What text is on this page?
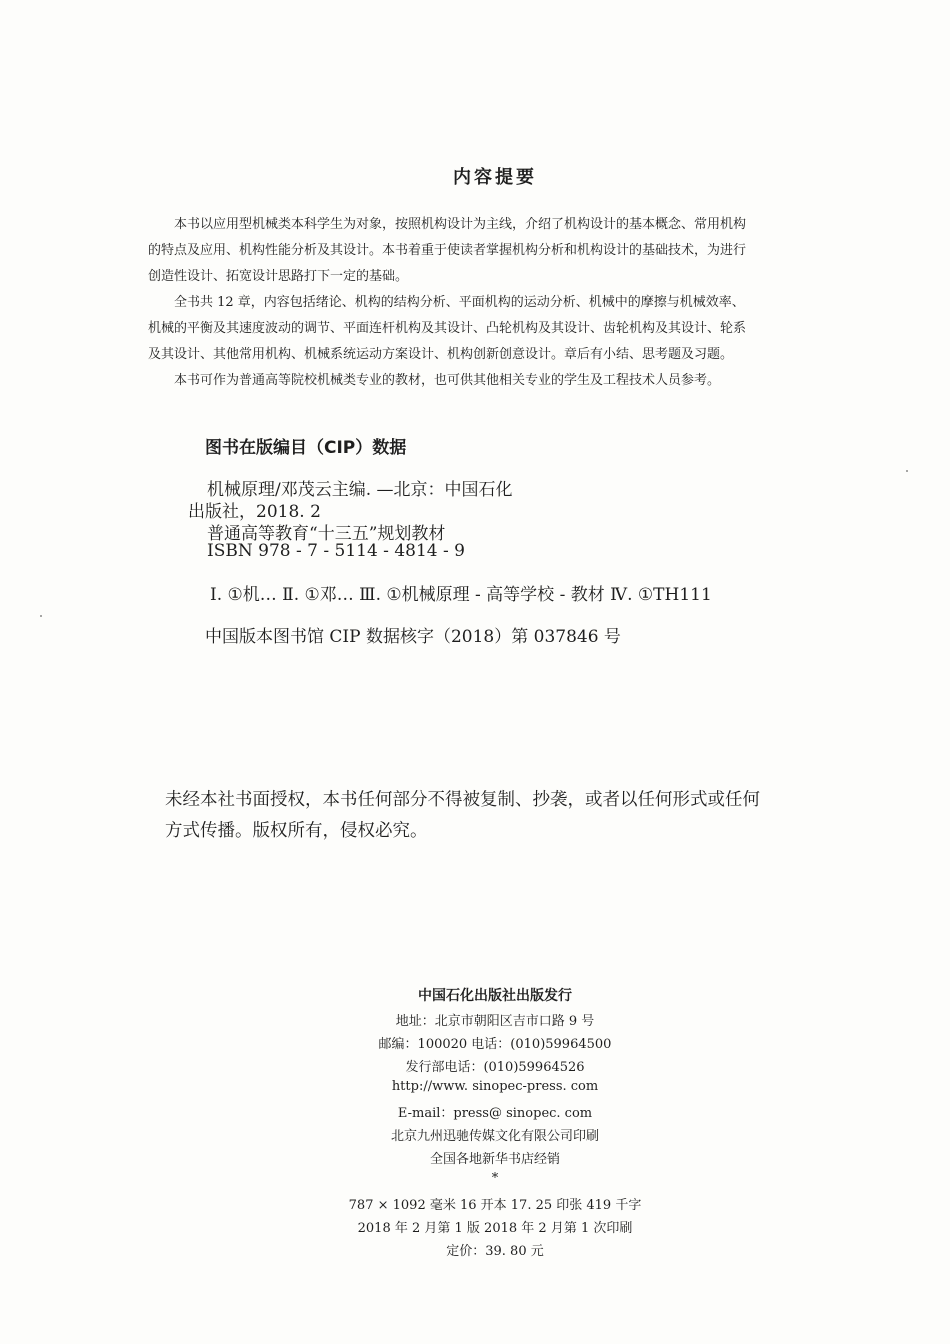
内容提要
本书以应用型机械类本科学生为对象，按照机构设计为主线，介绍了机构设计的基本概念、常用机构
的特点及应用、机构性能分析及其设计。本书着重于使读者掌握机构分析和机构设计的基础技术，为进行
创造性设计、拓宽设计思路打下一定的基础。
全书共 12 章，内容包括绪论、机构的结构分析、平面机构的运动分析、机械中的摩擦与机械效率、
机械的平衡及其速度波动的调节、平面连杆机构及其设计、凸轮机构及其设计、齿轮机构及其设计、轮系
及其设计、其他常用机构、机械系统运动方案设计、机构创新创意设计。章后有小结、思考题及习题。
本书可作为普通高等院校机械类专业的教材，也可供其他相关专业的学生及工程技术人员参考。
图书在版编目（CIP）数据
机械原理/邓茂云主编. —北京：中国石化
出版社，2018. 2
普通高等教育“十三五”规划教材
ISBN 978 - 7 - 5114 - 4814 - 9
Ⅰ. ①机… Ⅱ. ①邓… Ⅲ. ①机械原理 - 高等学校 - 教材 Ⅳ. ①TH111
中国版本图书馆 CIP 数据核字（2018）第 037846 号
未经本社书面授权，本书任何部分不得被复制、抄袭，或者以任何形式或任何
方式传播。版权所有，侵权必究。
中国石化出版社出版发行
地址：北京市朝阳区吉市口路 9 号
邮编：100020 电话：(010)59964500
发行部电话：(010)59964526
http://www. sinopec-press. com
E-mail：press@ sinopec. com
北京九州迅驰传媒文化有限公司印刷
全国各地新华书店经销
*
787 × 1092 毫米 16 开本 17. 25 印张 419 千字
2018 年 2 月第 1 版 2018 年 2 月第 1 次印刷
定价：39. 80 元
